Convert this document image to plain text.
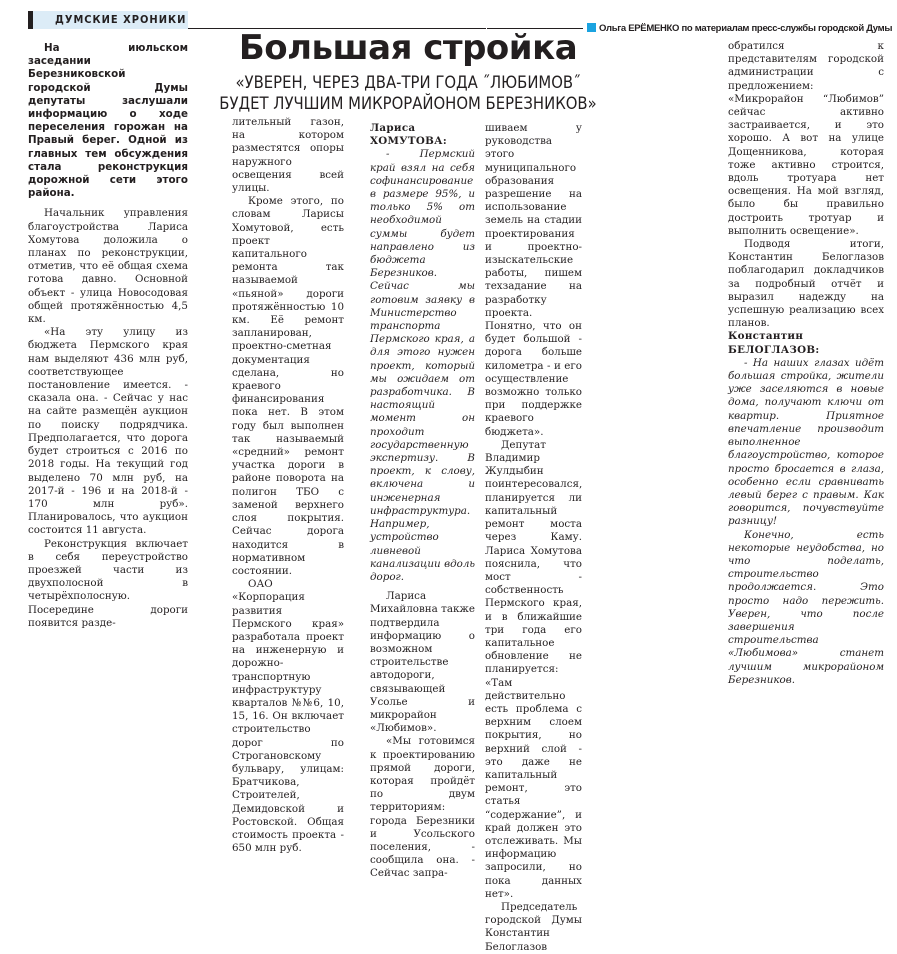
ДУМСКИЕ ХРОНИКИ
Ольга ЕРЁМЕНКО по материалам пресс-службы городской Думы
Большая стройка
«УВЕРЕН, ЧЕРЕЗ ДВА-ТРИ ГОДА ˝ЛЮБИМОВ˝
БУДЕТ ЛУЧШИМ МИКРОРАЙОНОМ БЕРЕЗНИКОВ»

На июльском заседании Березниковской городской Думы депутаты заслушали информацию о ходе переселения горожан на Правый берег. Одной из главных тем обсуждения стала реконструкция дорожной сети этого района.

Начальник управления благоустройства Лариса Хомутова доложила о планах по реконструкции, отметив, что её общая схема готова давно. Основной объект - улица Новосодовая общей протяжённостью 4,5 км.

«На эту улицу из бюджета Пермского края нам выделяют 436 млн руб, соответствующее постановление имеется. - сказала она. - Сейчас у нас на сайте размещён аукцион по поиску подрядчика. Предполагается, что дорога будет строиться с 2016 по 2018 годы. На текущий год выделено 70 млн руб, на 2017-й - 196 и на 2018-й - 170 млн руб». Планировалось, что аукцион состоится 11 августа.

Реконструкция включает в себя переустройство проезжей части из двухполосной в четырёхполосную. Посередине дороги появится разде-

лительный газон, на котором разместятся опоры наружного освещения всей улицы.

Кроме этого, по словам Ларисы Хомутовой, есть проект капитального ремонта так называемой «пьяной» дороги протяжённостью 10 км. Её ремонт запланирован, проектно-сметная документация сделана, но краевого финансирования пока нет. В этом году был выполнен так называемый «средний» ремонт участка дороги в районе поворота на полигон ТБО с заменой верхнего слоя покрытия. Сейчас дорога находится в нормативном состоянии.

ОАО «Корпорация развития Пермского края» разработала проект на инженерную и дорожно-транспортную инфраструктуру кварталов №№6, 10, 15, 16. Он включает строительство дорог по Строгановскому бульвару, улицам: Братчикова, Строителей, Демидовской и Ростовской. Общая стоимость проекта - 650 млн руб.

Лариса ХОМУТОВА:

- Пермский край взял на себя софинансирование в размере 95%, и только 5% от необходимой суммы будет направлено из бюджета Березников. Сейчас мы готовим заявку в Министерство транспорта Пермского края, а для этого нужен проект, который мы ожидаем от разработчика. В настоящий момент он проходит государственную экспертизу. В проект, к слову, включена и инженерная инфраструктура. Например, устройство ливневой канализации вдоль дорог.

Лариса Михайловна также подтвердила информацию о возможном строительстве автодороги, связывающей Усолье и микрорайон «Любимов».

«Мы готовимся к проектированию прямой дороги, которая пройдёт по двум территориям: города Березники и Усольского поселения, - сообщила она. - Сейчас запра-

шиваем у руководства этого муниципального образования разрешение на использование земель на стадии проектирования и проектно-изыскательские работы, пишем техзадание на разработку проекта. Понятно, что он будет большой - дорога больше километра - и его осуществление возможно только при поддержке краевого бюджета».

Депутат Владимир Жулдыбин поинтересовался, планируется ли капитальный ремонт моста через Каму. Лариса Хомутова пояснила, что мост - собственность Пермского края, и в ближайшие три года его капитальное обновление не планируется: «Там действительно есть проблема с верхним слоем покрытия, но верхний слой - это даже не капитальный ремонт, это статья “содержание”, и край должен это отслеживать. Мы информацию запросили, но пока данных нет».

Председатель городской Думы Константин Белоглазов

обратился к представителям городской администрации с предложением: «Микрорайон “Любимов” сейчас активно застраивается, и это хорошо. А вот на улице Дощенникова, которая тоже активно строится, вдоль тротуара нет освещения. На мой взгляд, было бы правильно достроить тротуар и выполнить освещение».

Подводя итоги, Константин Белоглазов поблагодарил докладчиков за подробный отчёт и выразил надежду на успешную реализацию всех планов.

Константин БЕЛОГЛАЗОВ:

- На наших глазах идёт большая стройка, жители уже заселяются в новые дома, получают ключи от квартир. Приятное впечатление производит выполненное благоустройство, которое просто бросается в глаза, особенно если сравнивать левый берег с правым. Как говорится, почувствуйте разницу!

Конечно, есть некоторые неудобства, но что поделать, строительство продолжается. Это просто надо пережить. Уверен, что после завершения строительства «Любимова» станет лучшим микрорайоном Березников.
